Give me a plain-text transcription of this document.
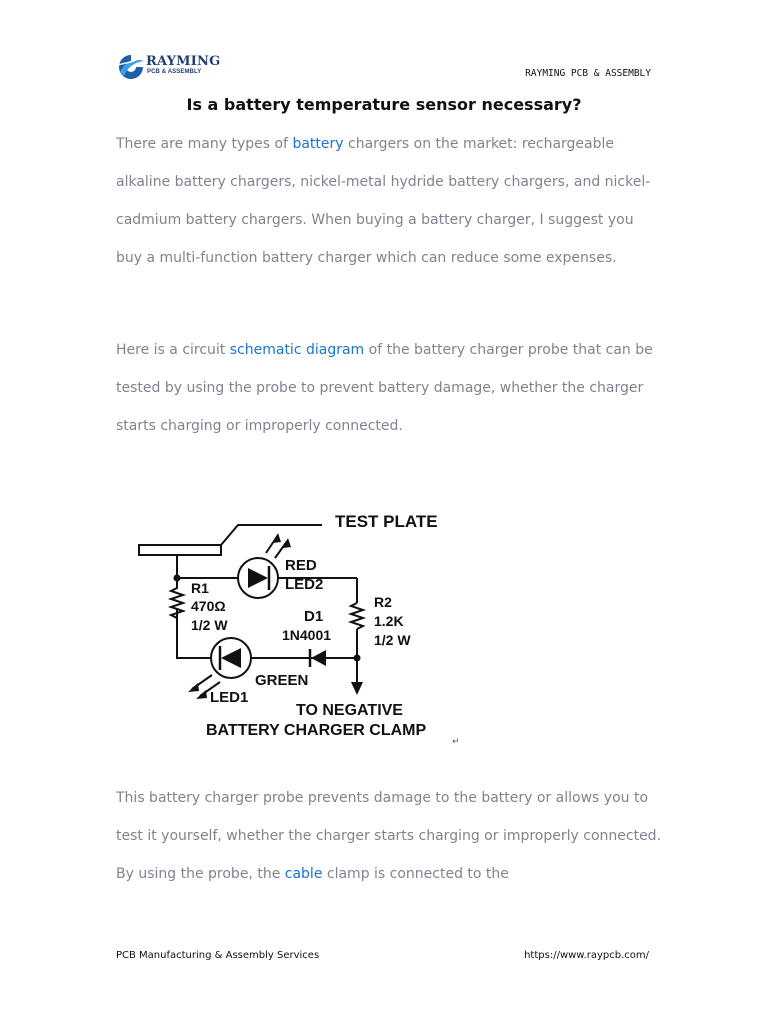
RAYMING
PCB & ASSEMBLY	RAYMING PCB & ASSEMBLY
Is a battery temperature sensor necessary?

There are many types of battery chargers on the market: rechargeable alkaline battery chargers, nickel-metal hydride battery chargers, and nickel-cadmium battery chargers. When buying a battery charger, I suggest you buy a multi-function battery charger which can reduce some expenses.

Here is a circuit schematic diagram of the battery charger probe that can be tested by using the probe to prevent battery damage, whether the charger starts charging or improperly connected.

TEST PLATE
RED
LED2
R1
470Ω
1/2 W	D1
1N4001
R2
1.2K
1/2 W
GREEN
LED1
TO NEGATIVE
BATTERY CHARGER CLAMP
↵

This battery charger probe prevents damage to the battery or allows you to test it yourself, whether the charger starts charging or improperly connected. By using the probe, the cable clamp is connected to the

PCB Manufacturing & Assembly Services	https://www.raypcb.com/
